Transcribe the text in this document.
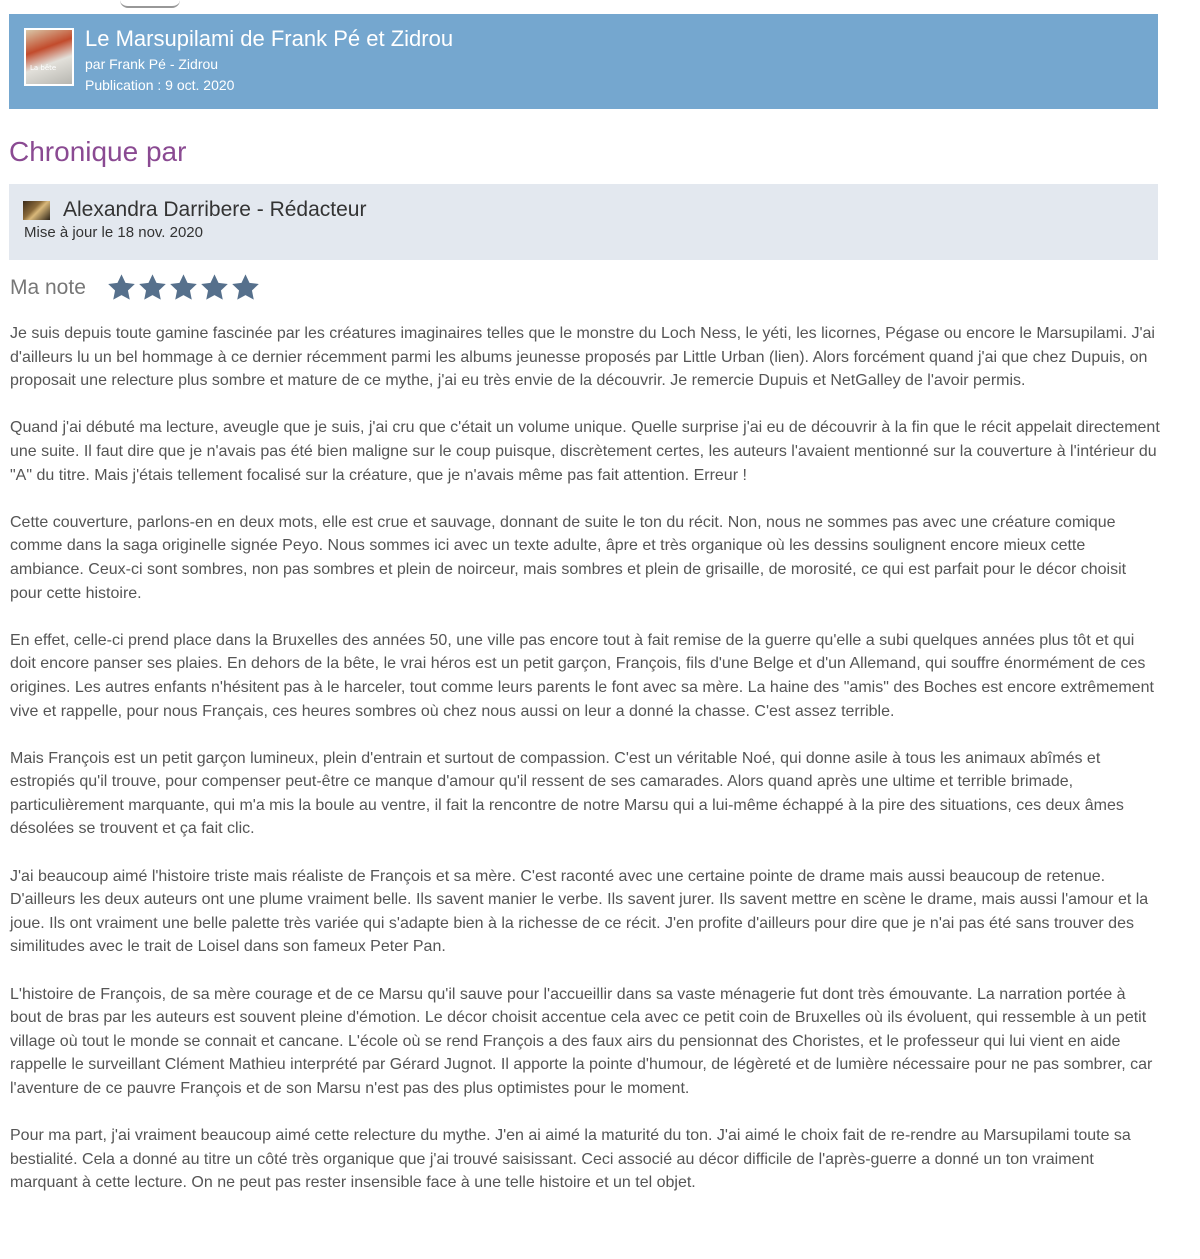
La bête
Le Marsupilami de Frank Pé et Zidrou
par Frank Pé - Zidrou
Publication : 9 oct. 2020
Chronique par
Alexandra Darribere - Rédacteur
Mise à jour le 18 nov. 2020
Ma note

Je suis depuis toute gamine fascinée par les créatures imaginaires telles que le monstre du Loch Ness, le yéti, les licornes, Pégase ou encore le Marsupilami. J'ai d'ailleurs lu un bel hommage à ce dernier récemment parmi les albums jeunesse proposés par Little Urban (lien). Alors forcément quand j'ai que chez Dupuis, on proposait une relecture plus sombre et mature de ce mythe, j'ai eu très envie de la découvrir. Je remercie Dupuis et NetGalley de l'avoir permis.

Quand j'ai débuté ma lecture, aveugle que je suis, j'ai cru que c'était un volume unique. Quelle surprise j'ai eu de découvrir à la fin que le récit appelait directement une suite. Il faut dire que je n'avais pas été bien maligne sur le coup puisque, discrètement certes, les auteurs l'avaient mentionné sur la couverture à l'intérieur du "A" du titre. Mais j'étais tellement focalisé sur la créature, que je n'avais même pas fait attention. Erreur !

Cette couverture, parlons-en en deux mots, elle est crue et sauvage, donnant de suite le ton du récit. Non, nous ne sommes pas avec une créature comique comme dans la saga originelle signée Peyo. Nous sommes ici avec un texte adulte, âpre et très organique où les dessins soulignent encore mieux cette ambiance. Ceux-ci sont sombres, non pas sombres et plein de noirceur, mais sombres et plein de grisaille, de morosité, ce qui est parfait pour le décor choisit pour cette histoire.

En effet, celle-ci prend place dans la Bruxelles des années 50, une ville pas encore tout à fait remise de la guerre qu'elle a subi quelques années plus tôt et qui doit encore panser ses plaies. En dehors de la bête, le vrai héros est un petit garçon, François, fils d'une Belge et d'un Allemand, qui souffre énormément de ces origines. Les autres enfants n'hésitent pas à le harceler, tout comme leurs parents le font avec sa mère. La haine des "amis" des Boches est encore extrêmement vive et rappelle, pour nous Français, ces heures sombres où chez nous aussi on leur a donné la chasse. C'est assez terrible.

Mais François est un petit garçon lumineux, plein d'entrain et surtout de compassion. C'est un véritable Noé, qui donne asile à tous les animaux abîmés et estropiés qu'il trouve, pour compenser peut-être ce manque d'amour qu'il ressent de ses camarades. Alors quand après une ultime et terrible brimade, particulièrement marquante, qui m'a mis la boule au ventre, il fait la rencontre de notre Marsu qui a lui-même échappé à la pire des situations, ces deux âmes désolées se trouvent et ça fait clic.

J'ai beaucoup aimé l'histoire triste mais réaliste de François et sa mère. C'est raconté avec une certaine pointe de drame mais aussi beaucoup de retenue. D'ailleurs les deux auteurs ont une plume vraiment belle. Ils savent manier le verbe. Ils savent jurer. Ils savent mettre en scène le drame, mais aussi l'amour et la joue. Ils ont vraiment une belle palette très variée qui s'adapte bien à la richesse de ce récit. J'en profite d'ailleurs pour dire que je n'ai pas été sans trouver des similitudes avec le trait de Loisel dans son fameux Peter Pan.

L'histoire de François, de sa mère courage et de ce Marsu qu'il sauve pour l'accueillir dans sa vaste ménagerie fut dont très émouvante. La narration portée à bout de bras par les auteurs est souvent pleine d'émotion. Le décor choisit accentue cela avec ce petit coin de Bruxelles où ils évoluent, qui ressemble à un petit village où tout le monde se connait et cancane. L'école où se rend François a des faux airs du pensionnat des Choristes, et le professeur qui lui vient en aide rappelle le surveillant Clément Mathieu interprété par Gérard Jugnot. Il apporte la pointe d'humour, de légèreté et de lumière nécessaire pour ne pas sombrer, car l'aventure de ce pauvre François et de son Marsu n'est pas des plus optimistes pour le moment.

Pour ma part, j'ai vraiment beaucoup aimé cette relecture du mythe. J'en ai aimé la maturité du ton. J'ai aimé le choix fait de re-rendre au Marsupilami toute sa bestialité. Cela a donné au titre un côté très organique que j'ai trouvé saisissant. Ceci associé au décor difficile de l'après-guerre a donné un ton vraiment marquant à cette lecture. On ne peut pas rester insensible face à une telle histoire et un tel objet.
